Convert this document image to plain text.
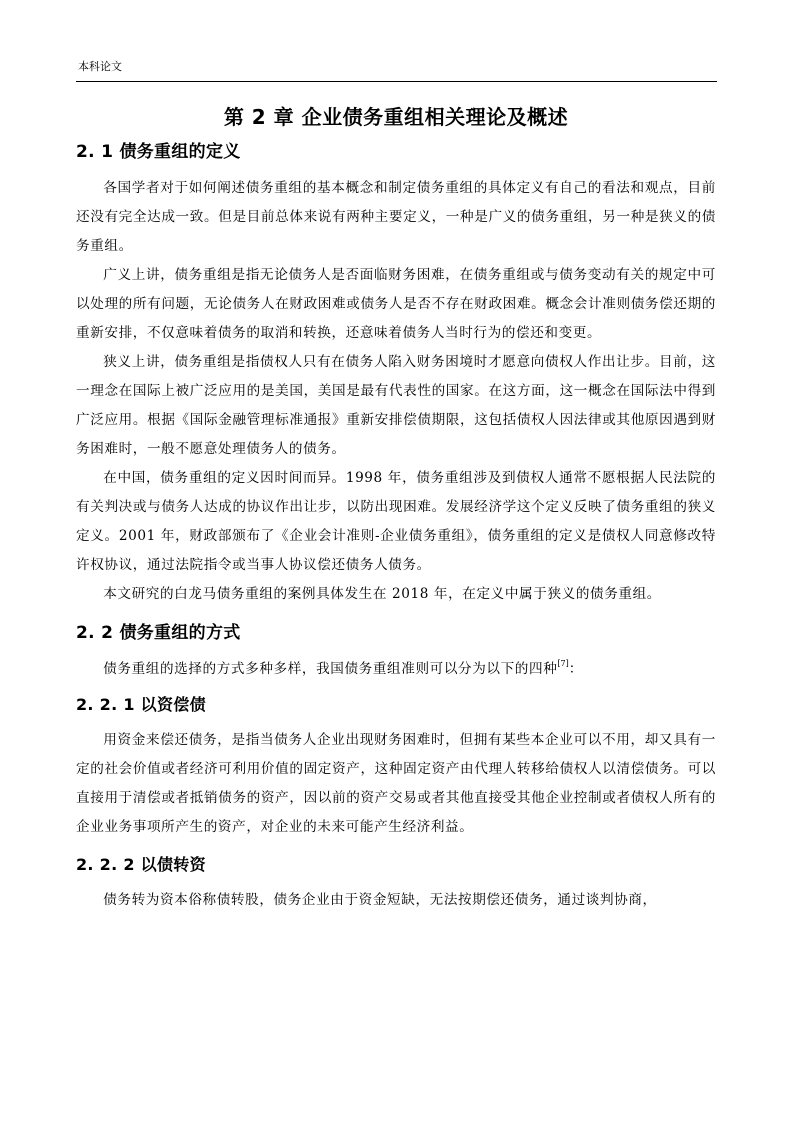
本科论文
第 2 章 企业债务重组相关理论及概述
2. 1 债务重组的定义

各国学者对于如何阐述债务重组的基本概念和制定债务重组的具体定义有自己的看法和观点，目前还没有完全达成一致。但是目前总体来说有两种主要定义，一种是广义的债务重组，另一种是狭义的债务重组。

广义上讲，债务重组是指无论债务人是否面临财务困难，在债务重组或与债务变动有关的规定中可以处理的所有问题，无论债务人在财政困难或债务人是否不存在财政困难。概念会计准则债务偿还期的重新安排，不仅意味着债务的取消和转换，还意味着债务人当时行为的偿还和变更。

狭义上讲，债务重组是指债权人只有在债务人陷入财务困境时才愿意向债权人作出让步。目前，这一理念在国际上被广泛应用的是美国，美国是最有代表性的国家。在这方面，这一概念在国际法中得到广泛应用。根据《国际金融管理标准通报》重新安排偿债期限，这包括债权人因法律或其他原因遇到财务困难时，一般不愿意处理债务人的债务。

在中国，债务重组的定义因时间而异。1998 年，债务重组涉及到债权人通常不愿根据人民法院的有关判决或与债务人达成的协议作出让步，以防出现困难。发展经济学这个定义反映了债务重组的狭义定义。2001 年，财政部颁布了《企业会计准则-企业债务重组》，债务重组的定义是债权人同意修改特许权协议，通过法院指令或当事人协议偿还债务人债务。

本文研究的白龙马债务重组的案例具体发生在 2018 年，在定义中属于狭义的债务重组。

2. 2 债务重组的方式

债务重组的选择的方式多种多样，我国债务重组准则可以分为以下的四种[7]：

2. 2. 1 以资偿债

用资金来偿还债务，是指当债务人企业出现财务困难时，但拥有某些本企业可以不用，却又具有一定的社会价值或者经济可利用价值的固定资产，这种固定资产由代理人转移给债权人以清偿债务。可以直接用于清偿或者抵销债务的资产，因以前的资产交易或者其他直接受其他企业控制或者债权人所有的企业业务事项所产生的资产，对企业的未来可能产生经济利益。

2. 2. 2 以债转资

债务转为资本俗称债转股，债务企业由于资金短缺，无法按期偿还债务，通过谈判协商，
